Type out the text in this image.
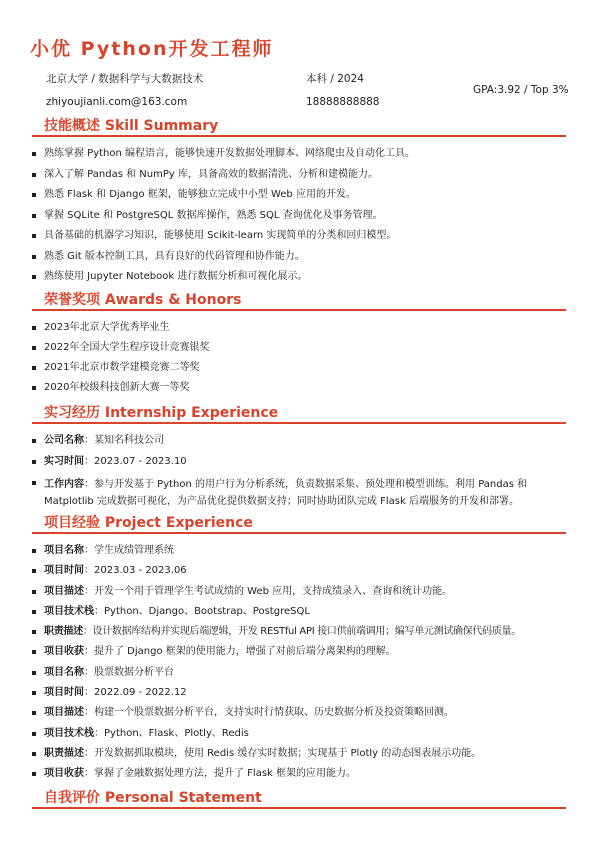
小优 Python开发工程师
北京大学 / 数据科学与大数据技术	本科 / 2024
GPA:3.92 / Top 3%
zhiyoujianli.com@163.com	18888888888
技能概述 Skill Summary
熟练掌握 Python 编程语言，能够快速开发数据处理脚本、网络爬虫及自动化工具。
深入了解 Pandas 和 NumPy 库，具备高效的数据清洗、分析和建模能力。
熟悉 Flask 和 Django 框架，能够独立完成中小型 Web 应用的开发。
掌握 SQLite 和 PostgreSQL 数据库操作，熟悉 SQL 查询优化及事务管理。
具备基础的机器学习知识，能够使用 Scikit-learn 实现简单的分类和回归模型。
熟悉 Git 版本控制工具，具有良好的代码管理和协作能力。
熟练使用 Jupyter Notebook 进行数据分析和可视化展示。
荣誉奖项 Awards & Honors
2023年北京大学优秀毕业生
2022年全国大学生程序设计竞赛银奖
2021年北京市数学建模竞赛二等奖
2020年校级科技创新大赛一等奖
实习经历 Internship Experience
公司名称：某知名科技公司
实习时间：2023.07 - 2023.10
工作内容：参与开发基于 Python 的用户行为分析系统，负责数据采集、预处理和模型训练。利用 Pandas 和 Matplotlib 完成数据可视化，为产品优化提供数据支持；同时协助团队完成 Flask 后端服务的开发和部署。
项目经验 Project Experience
项目名称：学生成绩管理系统
项目时间：2023.03 - 2023.06
项目描述：开发一个用于管理学生考试成绩的 Web 应用，支持成绩录入、查询和统计功能。
项目技术栈：Python、Django、Bootstrap、PostgreSQL
职责描述：设计数据库结构并实现后端逻辑，开发 RESTful API 接口供前端调用；编写单元测试确保代码质量。
项目收获：提升了 Django 框架的使用能力，增强了对前后端分离架构的理解。
项目名称：股票数据分析平台
项目时间：2022.09 - 2022.12
项目描述：构建一个股票数据分析平台，支持实时行情获取、历史数据分析及投资策略回测。
项目技术栈：Python、Flask、Plotly、Redis
职责描述：开发数据抓取模块，使用 Redis 缓存实时数据；实现基于 Plotly 的动态图表展示功能。
项目收获：掌握了金融数据处理方法，提升了 Flask 框架的应用能力。
自我评价 Personal Statement
